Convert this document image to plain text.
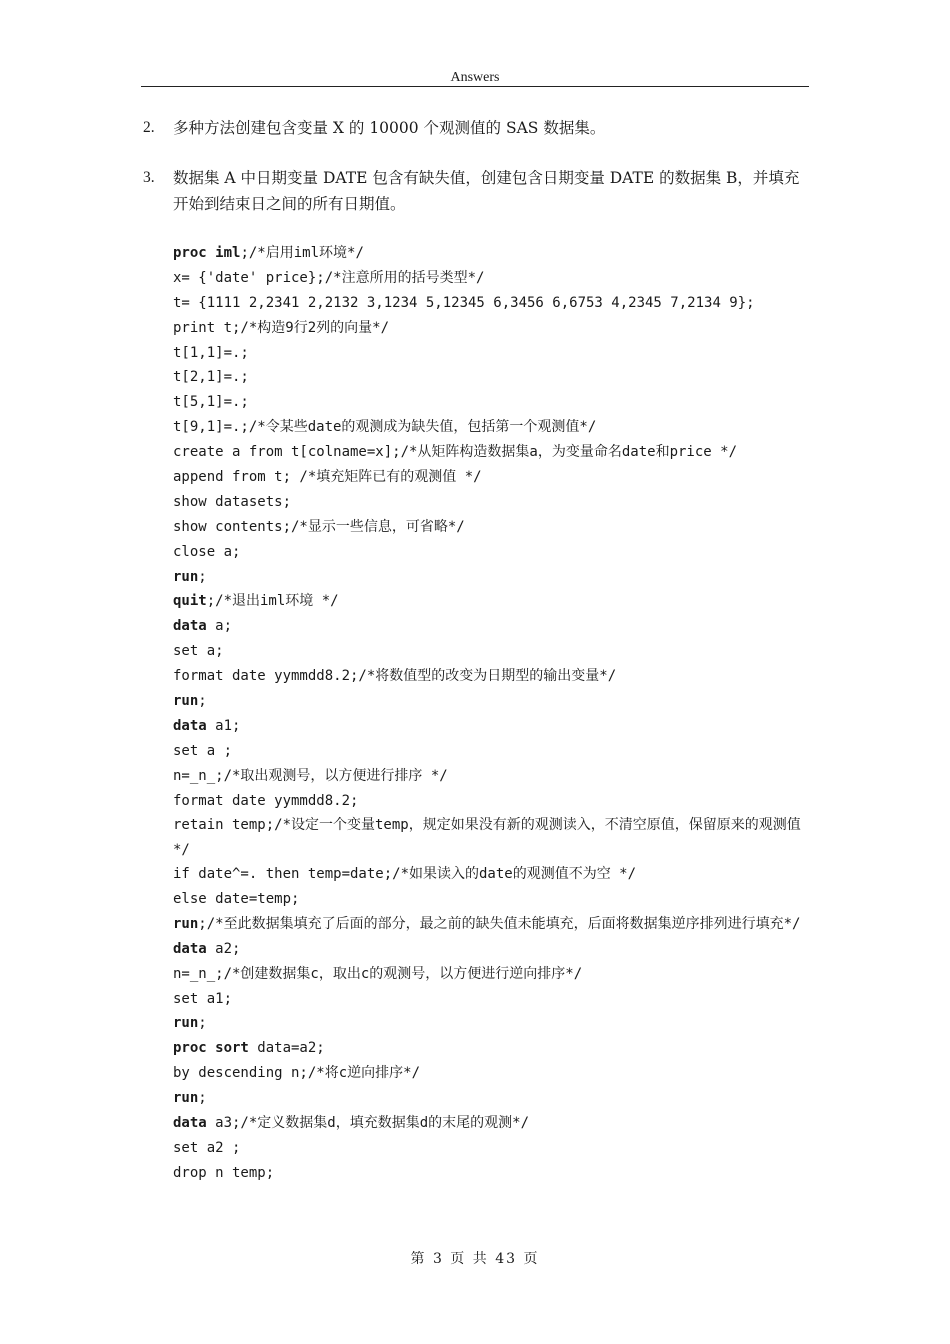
Answers
2. 多种方法创建包含变量 X 的 10000 个观测值的 SAS 数据集。
3. 数据集 A 中日期变量 DATE 包含有缺失值，创建包含日期变量 DATE 的数据集 B，并填充开始到结束日之间的所有日期值。
proc iml;/*启用iml环境*/
x= {'date' price};/*注意所用的括号类型*/
t= {1111 2,2341 2,2132 3,1234 5,12345 6,3456 6,6753 4,2345 7,2134 9};
print t;/*构造9行2列的向量*/
t[1,1]=.;
t[2,1]=.;
t[5,1]=.;
t[9,1]=.;/*令某些date的观测成为缺失值，包括第一个观测值*/
create a from t[colname=x];/*从矩阵构造数据集a，为变量命名date和price */
append from t; /*填充矩阵已有的观测值 */
show datasets;
show contents;/*显示一些信息，可省略*/
close a;
run;
quit;/*退出iml环境 */
data a;
set a;
format date yymmdd8.2;/*将数值型的改变为日期型的输出变量*/
run;
data a1;
set a ;
n=_n_;/*取出观测号，以方便进行排序 */
format date yymmdd8.2;
retain temp;/*设定一个变量temp，规定如果没有新的观测读入，不清空原值，保留原来的观测值 */
if date^=. then temp=date;/*如果读入的date的观测值不为空 */
else date=temp;
run;/*至此数据集填充了后面的部分，最之前的缺失值未能填充，后面将数据集逆序排列进行填充*/
data a2;
n=_n_;/*创建数据集c，取出c的观测号，以方便进行逆向排序*/
set a1;
run;
proc sort data=a2;
by descending n;/*将c逆向排序*/
run;
data a3;/*定义数据集d，填充数据集d的末尾的观测*/
set a2 ;
drop n temp;
第 3 页 共 43 页
